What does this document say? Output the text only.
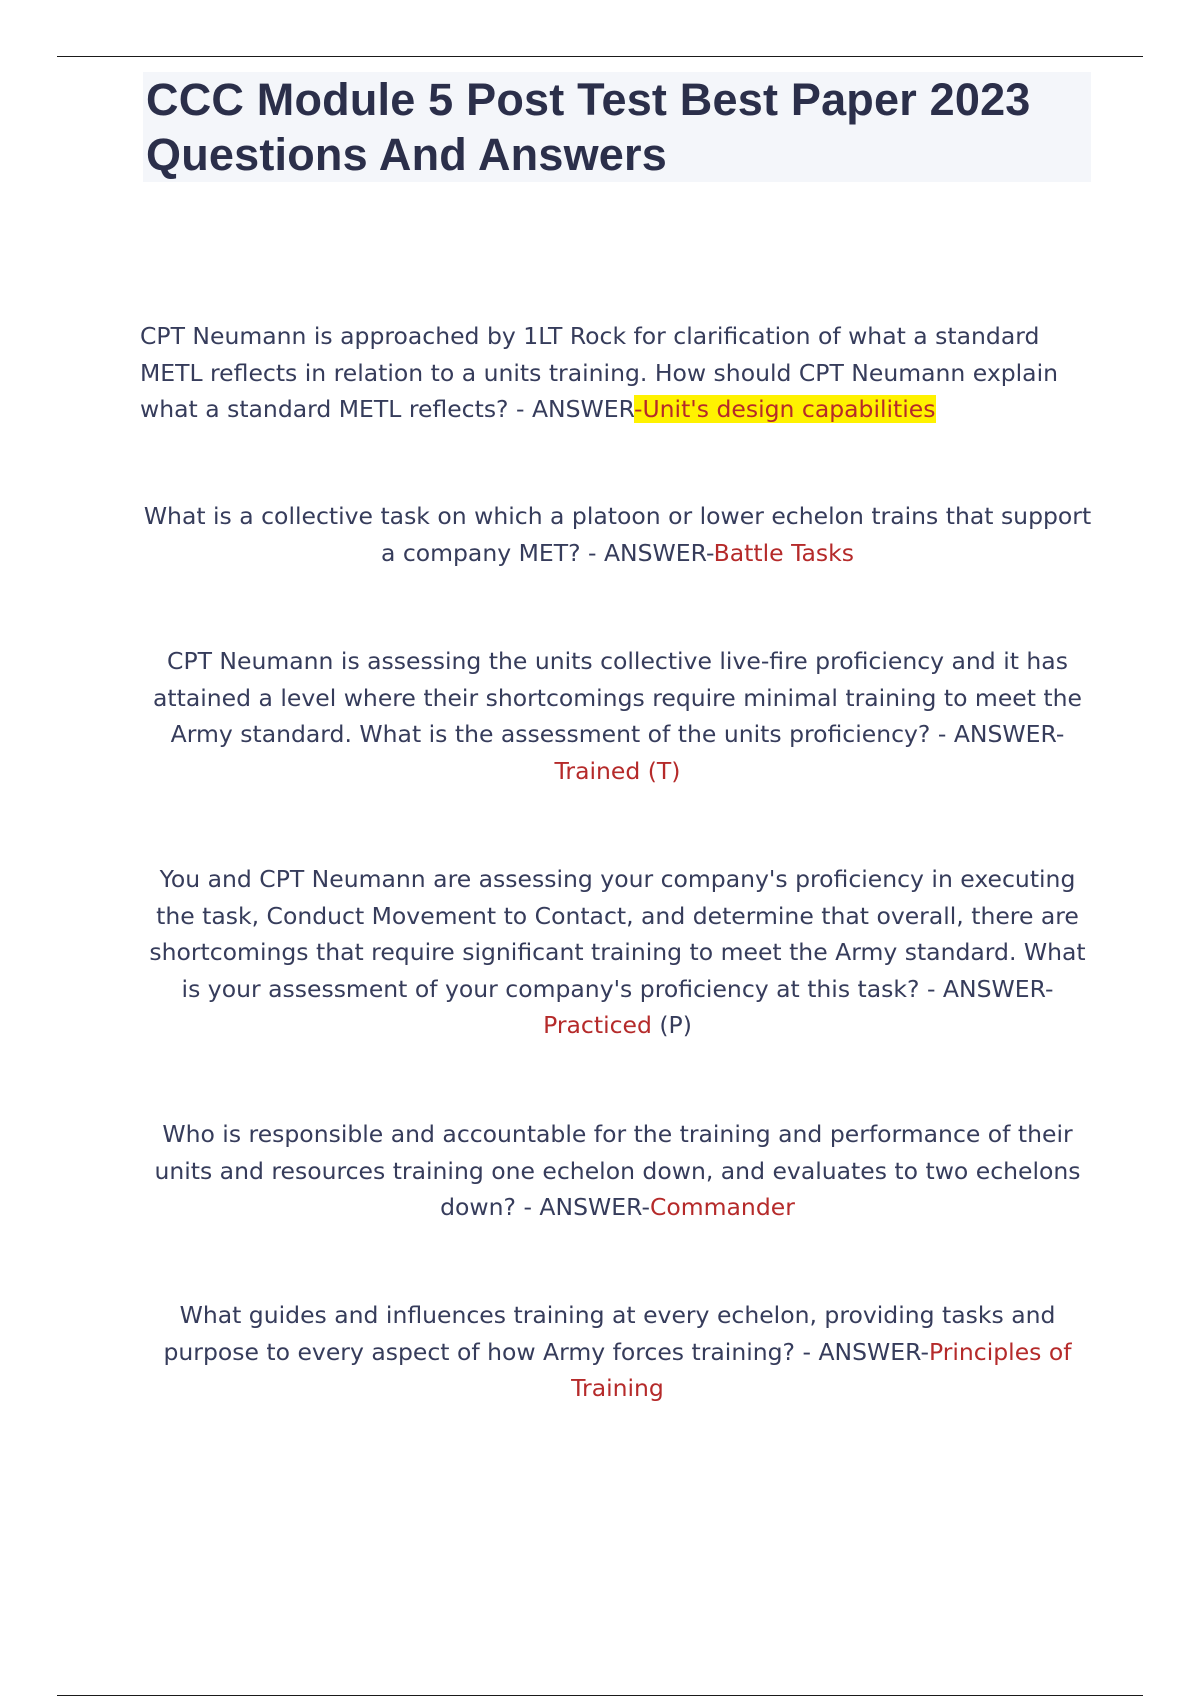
CCC Module 5 Post Test Best Paper 2023 Questions And Answers

CPT Neumann is approached by 1LT Rock for clarification of what a standard METL reflects in relation to a units training. How should CPT Neumann explain what a standard METL reflects? - ANSWER-Unit's design capabilities

What is a collective task on which a platoon or lower echelon trains that support a company MET? - ANSWER-Battle Tasks

CPT Neumann is assessing the units collective live-fire proficiency and it has attained a level where their shortcomings require minimal training to meet the Army standard. What is the assessment of the units proficiency? - ANSWER-
Trained (T)

You and CPT Neumann are assessing your company's proficiency in executing the task, Conduct Movement to Contact, and determine that overall, there are shortcomings that require significant training to meet the Army standard. What is your assessment of your company's proficiency at this task? - ANSWER-Practiced (P)

Who is responsible and accountable for the training and performance of their units and resources training one echelon down, and evaluates to two echelons down? - ANSWER-Commander

What guides and influences training at every echelon, providing tasks and purpose to every aspect of how Army forces training? - ANSWER-Principles of Training
